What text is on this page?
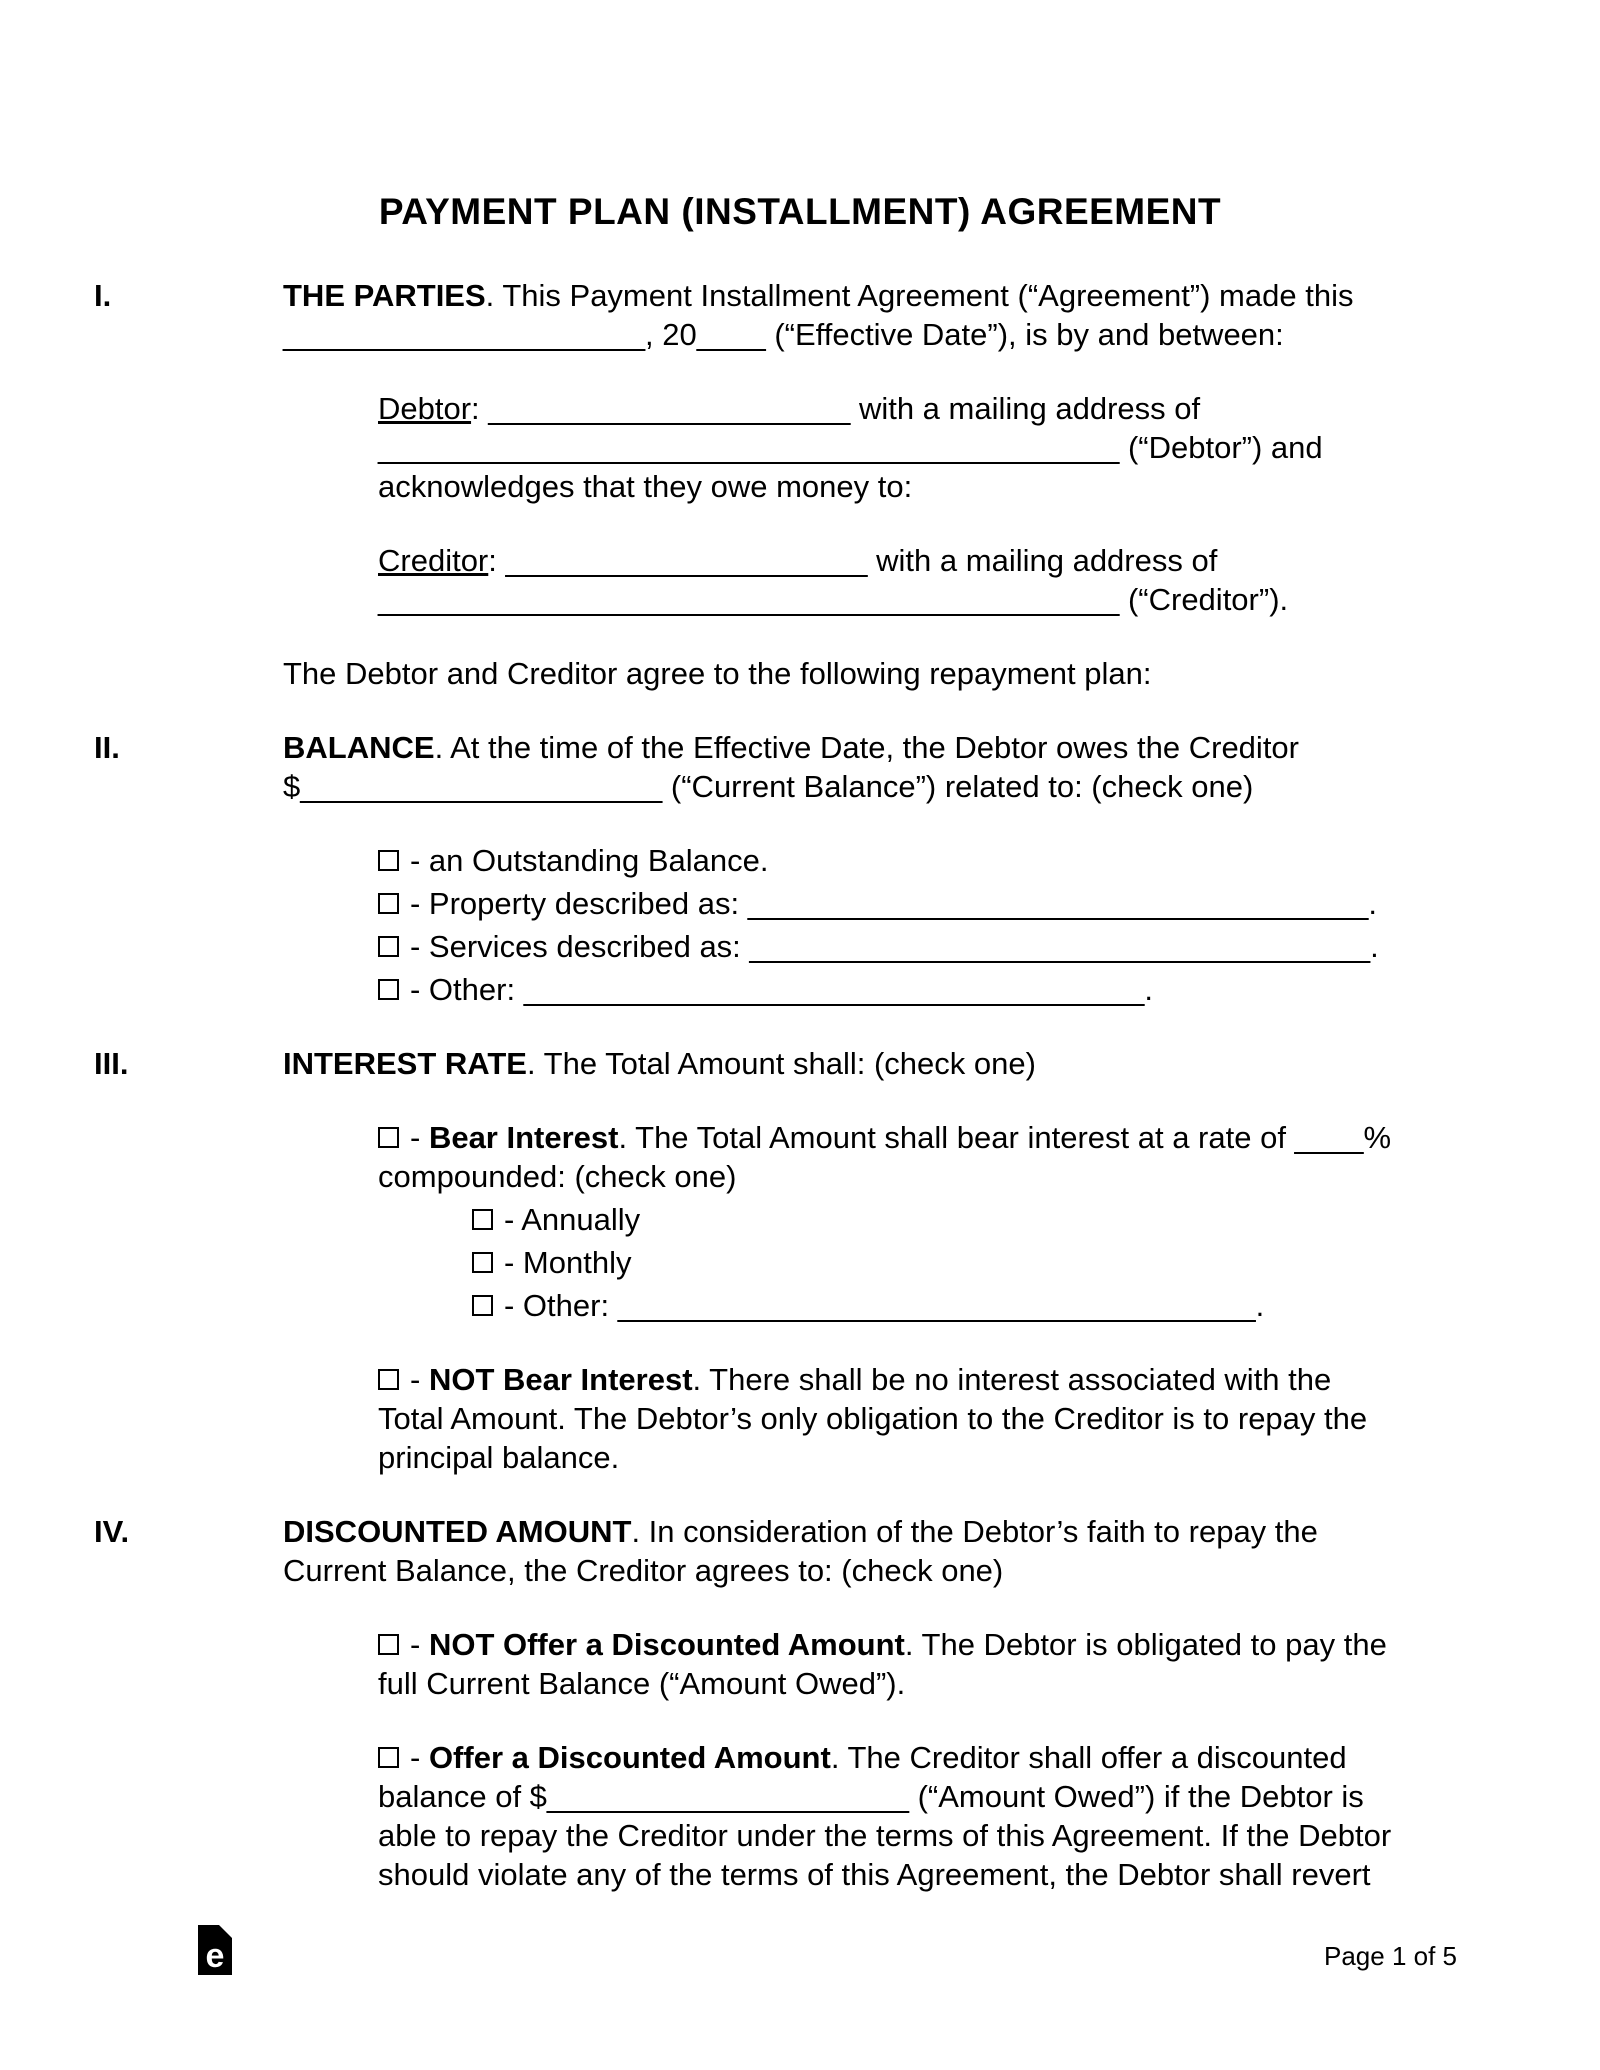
PAYMENT PLAN (INSTALLMENT) AGREEMENT
I.	THE PARTIES. This Payment Installment Agreement (“Agreement”) made this
_____________________, 20____ (“Effective Date”), is by and between:
Debtor: _____________________ with a mailing address of
___________________________________________ (“Debtor”) and
acknowledges that they owe money to:
Creditor: _____________________ with a mailing address of
___________________________________________ (“Creditor”).
The Debtor and Creditor agree to the following repayment plan:
II.	BALANCE. At the time of the Effective Date, the Debtor owes the Creditor
$_____________________ (“Current Balance”) related to: (check one)
- an Outstanding Balance.
- Property described as: ____________________________________.
- Services described as: ____________________________________.
- Other: ____________________________________.
III.	INTEREST RATE. The Total Amount shall: (check one)
- Bear Interest. The Total Amount shall bear interest at a rate of ____%
compounded: (check one)
- Annually
- Monthly
- Other: _____________________________________.
- NOT Bear Interest. There shall be no interest associated with the
Total Amount. The Debtor’s only obligation to the Creditor is to repay the
principal balance.
IV.	DISCOUNTED AMOUNT. In consideration of the Debtor’s faith to repay the
Current Balance, the Creditor agrees to: (check one)
- NOT Offer a Discounted Amount. The Debtor is obligated to pay the
full Current Balance (“Amount Owed”).
- Offer a Discounted Amount. The Creditor shall offer a discounted
balance of $_____________________ (“Amount Owed”) if the Debtor is
able to repay the Creditor under the terms of this Agreement. If the Debtor
should violate any of the terms of this Agreement, the Debtor shall revert
e	Page 1 of 5
